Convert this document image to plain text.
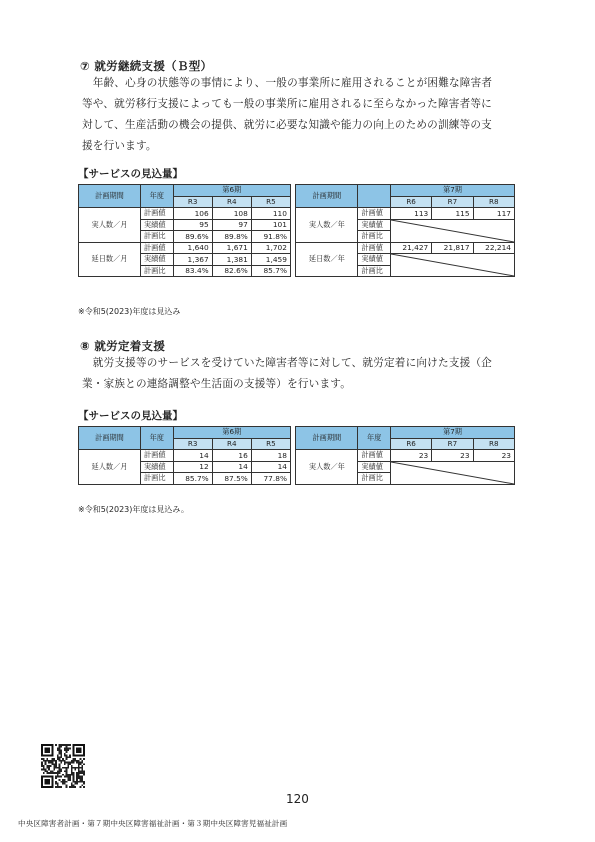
⑦ 就労継続支援（Ｂ型）

　年齢、心身の状態等の事情により、一般の事業所に雇用されることが困難な障害者

等や、就労移行支援によっても一般の事業所に雇用されるに至らなかった障害者等に

対して、生産活動の機会の提供、就労に必要な知識や能力の向上のための訓練等の支

援を行います。

【サービスの見込量】
計画期間	年度	第6期				計画期間		第7期		
		R3	R4	R5				R6	R7	R8
実人数／月	計画値	106	108	110		実人数／年	計画値	113	115	117
	実績値	95	97	101			実績値	

	計画比	89.6%	89.8%	91.8%			計画比			
延日数／月	計画値	1,640	1,671	1,702		延日数／年	計画値	21,427	21,817	22,214
	実績値	1,367	1,381	1,459			実績値	

	計画比	83.4%	82.6%	85.7%			計画比			
※令和5(2023)年度は見込み
⑧ 就労定着支援

　就労支援等のサービスを受けていた障害者等に対して、就労定着に向けた支援（企

業・家族との連絡調整や生活面の支援等）を行います。

【サービスの見込量】
計画期間	年度	第6期				計画期間	年度	第7期		
		R3	R4	R5				R6	R7	R8
延人数／月	計画値	14	16	18		実人数／年	計画値	23	23	23
	実績値	12	14	14			実績値	

	計画比	85.7%	87.5%	77.8%			計画比			
※令和5(2023)年度は見込み。
120
中央区障害者計画・第７期中央区障害福祉計画・第３期中央区障害児福祉計画
